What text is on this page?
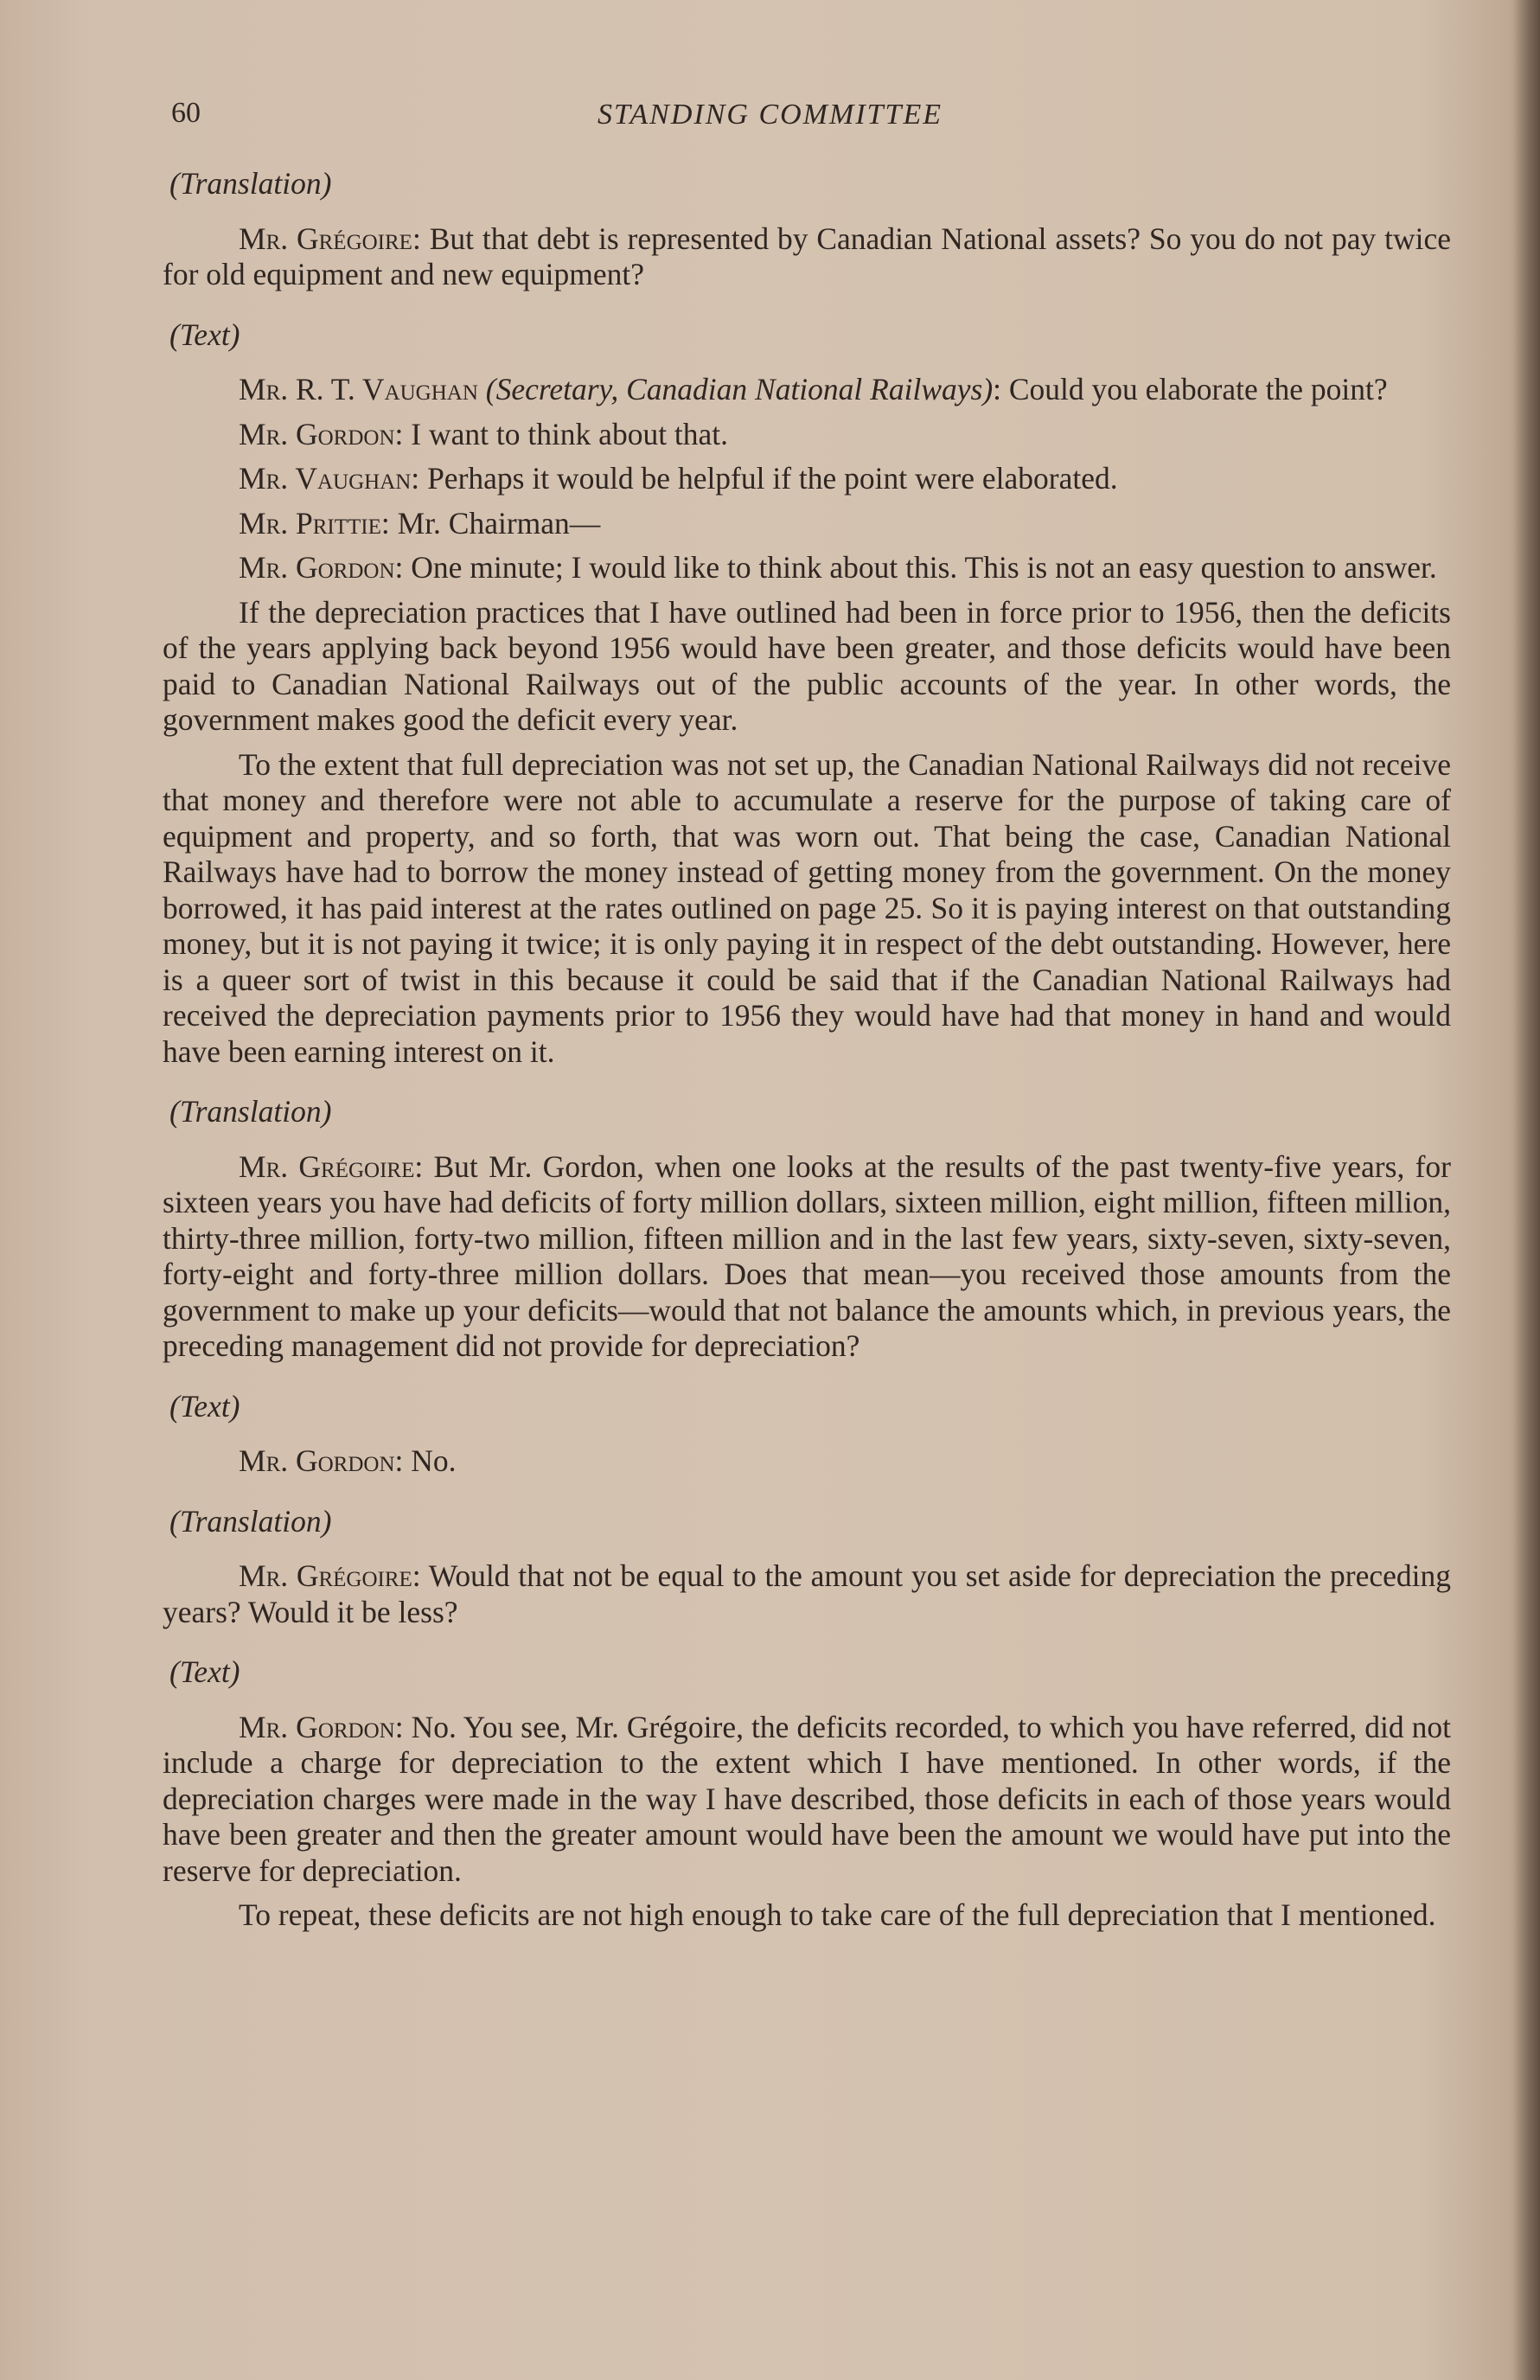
60	STANDING COMMITTEE
(Translation)

Mr. Grégoire: But that debt is represented by Canadian National assets? So you do not pay twice for old equipment and new equipment?

(Text)

Mr. R. T. Vaughan (Secretary, Canadian National Railways): Could you elaborate the point?

Mr. Gordon: I want to think about that.

Mr. Vaughan: Perhaps it would be helpful if the point were elaborated.

Mr. Prittie: Mr. Chairman—

Mr. Gordon: One minute; I would like to think about this. This is not an easy question to answer.

If the depreciation practices that I have outlined had been in force prior to 1956, then the deficits of the years applying back beyond 1956 would have been greater, and those deficits would have been paid to Canadian National Railways out of the public accounts of the year. In other words, the government makes good the deficit every year.

To the extent that full depreciation was not set up, the Canadian National Railways did not receive that money and therefore were not able to accumulate a reserve for the purpose of taking care of equipment and property, and so forth, that was worn out. That being the case, Canadian National Railways have had to borrow the money instead of getting money from the government. On the money borrowed, it has paid interest at the rates outlined on page 25. So it is paying interest on that outstanding money, but it is not paying it twice; it is only paying it in respect of the debt outstanding. However, here is a queer sort of twist in this because it could be said that if the Canadian National Railways had received the depreciation payments prior to 1956 they would have had that money in hand and would have been earning interest on it.

(Translation)

Mr. Grégoire: But Mr. Gordon, when one looks at the results of the past twenty-five years, for sixteen years you have had deficits of forty million dollars, sixteen million, eight million, fifteen million, thirty-three million, forty-two million, fifteen million and in the last few years, sixty-seven, sixty-seven, forty-eight and forty-three million dollars. Does that mean—you received those amounts from the government to make up your deficits—would that not balance the amounts which, in previous years, the preceding management did not provide for depreciation?

(Text)

Mr. Gordon: No.

(Translation)

Mr. Grégoire: Would that not be equal to the amount you set aside for depreciation the preceding years? Would it be less?

(Text)

Mr. Gordon: No. You see, Mr. Grégoire, the deficits recorded, to which you have referred, did not include a charge for depreciation to the extent which I have mentioned. In other words, if the depreciation charges were made in the way I have described, those deficits in each of those years would have been greater and then the greater amount would have been the amount we would have put into the reserve for depreciation.

To repeat, these deficits are not high enough to take care of the full depreciation that I mentioned.
